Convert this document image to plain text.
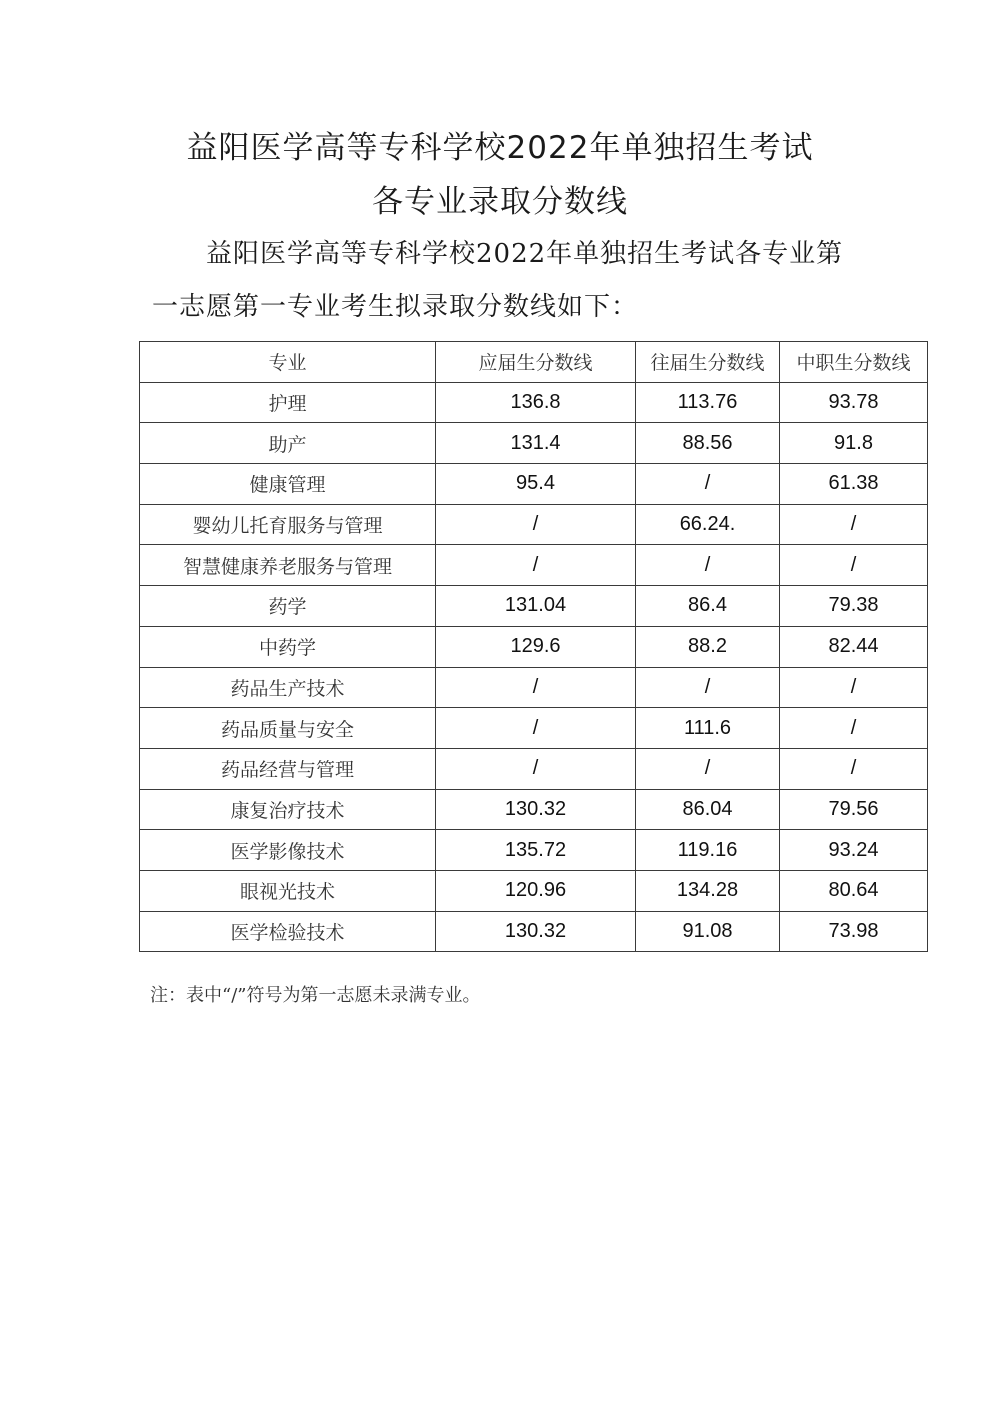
益阳医学高等专科学校2022年单独招生考试
各专业录取分数线
益阳医学高等专科学校2022年单独招生考试各专业第
一志愿第一专业考生拟录取分数线如下：
专业	应届生分数线	往届生分数线	中职生分数线
护理	136.8	113.76	93.78
助产	131.4	88.56	91.8
健康管理	95.4	/	61.38
婴幼儿托育服务与管理	/	66.24.	/
智慧健康养老服务与管理	/	/	/
药学	131.04	86.4	79.38
中药学	129.6	88.2	82.44
药品生产技术	/	/	/
药品质量与安全	/	111.6	/
药品经营与管理	/	/	/
康复治疗技术	130.32	86.04	79.56
医学影像技术	135.72	119.16	93.24
眼视光技术	120.96	134.28	80.64
医学检验技术	130.32	91.08	73.98
注：表中“/”符号为第一志愿未录满专业。
